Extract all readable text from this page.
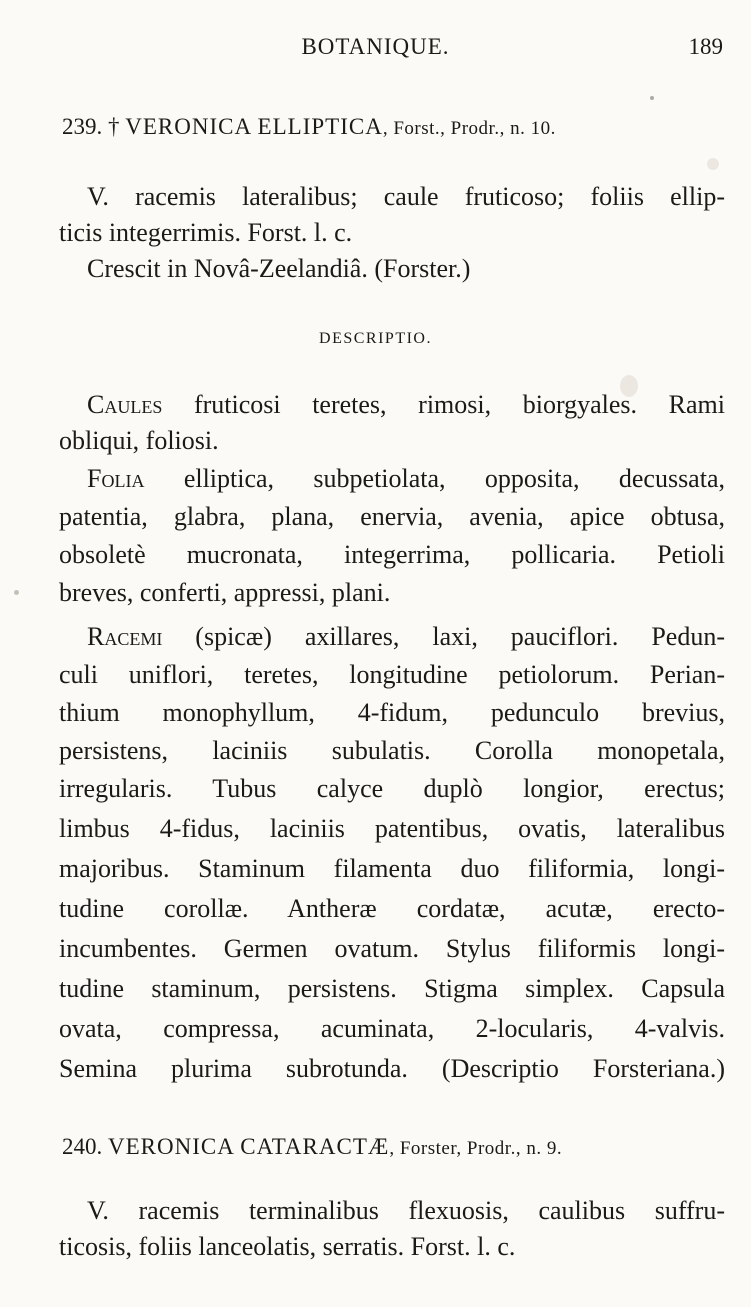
BOTANIQUE.	189
239. † VERONICA ELLIPTICA, Forst., Prodr., n. 10.
V. racemis lateralibus; caule fruticoso; foliis ellip-
ticis integerrimis. Forst. l. c.
Crescit in Novâ-Zeelandiâ. (Forster.)
DESCRIPTIO.
Caules fruticosi teretes, rimosi, biorgyales. Rami
obliqui, foliosi.
Folia elliptica, subpetiolata, opposita, decussata,
patentia, glabra, plana, enervia, avenia, apice obtusa,
obsoletè mucronata, integerrima, pollicaria. Petioli
breves, conferti, appressi, plani.
Racemi (spicæ) axillares, laxi, pauciflori. Pedun-
culi uniflori, teretes, longitudine petiolorum. Perian-
thium monophyllum, 4-fidum, pedunculo brevius,
persistens, laciniis subulatis. Corolla monopetala,
irregularis. Tubus calyce duplò longior, erectus;
limbus 4-fidus, laciniis patentibus, ovatis, lateralibus
majoribus. Staminum filamenta duo filiformia, longi-
tudine corollæ. Antheræ cordatæ, acutæ, erecto-
incumbentes. Germen ovatum. Stylus filiformis longi-
tudine staminum, persistens. Stigma simplex. Capsula
ovata, compressa, acuminata, 2-locularis, 4-valvis.
Semina plurima subrotunda. (Descriptio Forsteriana.)
240. VERONICA CATARACTÆ, Forster, Prodr., n. 9.
V. racemis terminalibus flexuosis, caulibus suffru-
ticosis, foliis lanceolatis, serratis. Forst. l. c.
